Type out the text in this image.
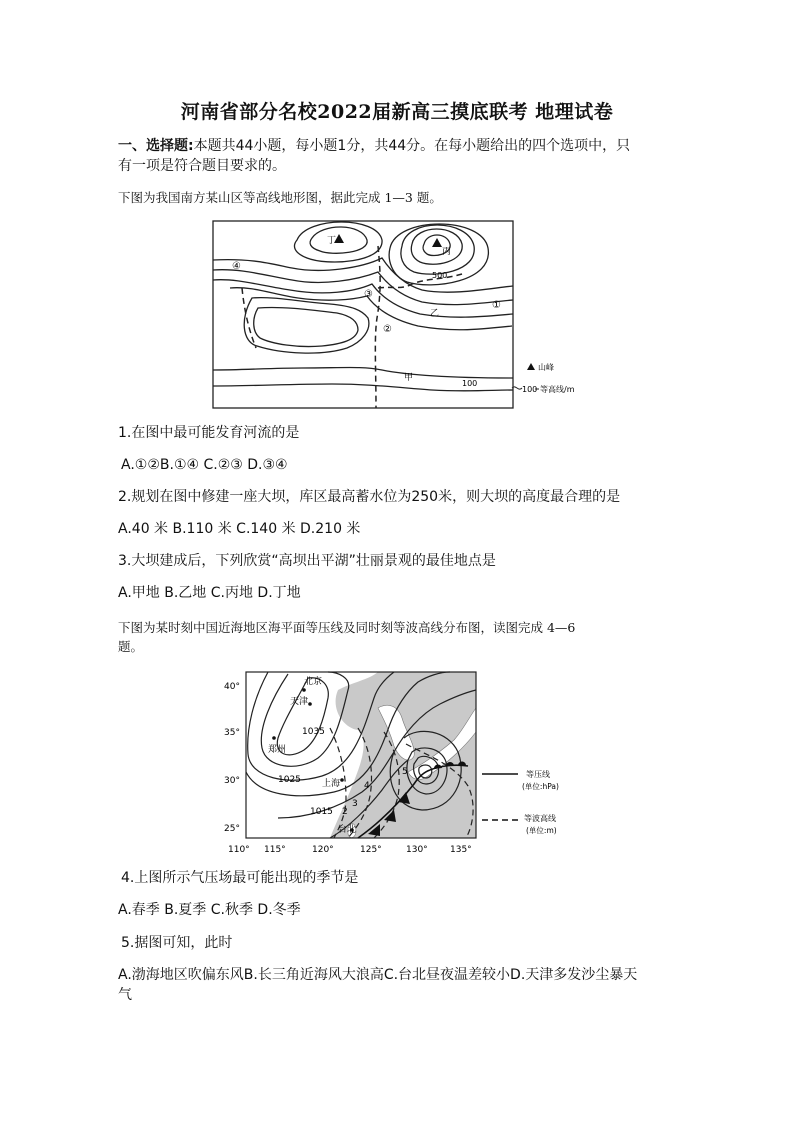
河南省部分名校2022届新高三摸底联考 地理试卷
一、选择题:本题共44小题，每小题1分，共44分。在每小题给出的四个选项中，只
有一项是符合题目要求的。
下图为我国南方某山区等高线地形图，据此完成 1—3 题。
丁
丙
乙
甲
500
100
①
②
③
④
山峰
100 等高线/m
1.在图中最可能发育河流的是
A.①②B.①④ C.②③ D.③④
2.规划在图中修建一座大坝，库区最高蓄水位为250米，则大坝的高度最合理的是
A.40 米 B.110 米 C.140 米 D.210 米
3.大坝建成后，下列欣赏“高坝出平湖”壮丽景观的最佳地点是
A.甲地 B.乙地 C.丙地 D.丁地
下图为某时刻中国近海地区海平面等压线及同时刻等波高线分布图，读图完成 4—6
题。
北京
天津
郑州
上海
台北
1035
1025
1015 2
3
4
5
40°
35°
30°
25°
110° 115°	120°	125°	130° 135°
等压线
(单位:hPa)
等波高线
(单位:m)
4.上图所示气压场最可能出现的季节是
A.春季 B.夏季 C.秋季 D.冬季
5.据图可知，此时
A.渤海地区吹偏东风B.长三角近海风大浪高C.台北昼夜温差较小D.天津多发沙尘暴天
气
